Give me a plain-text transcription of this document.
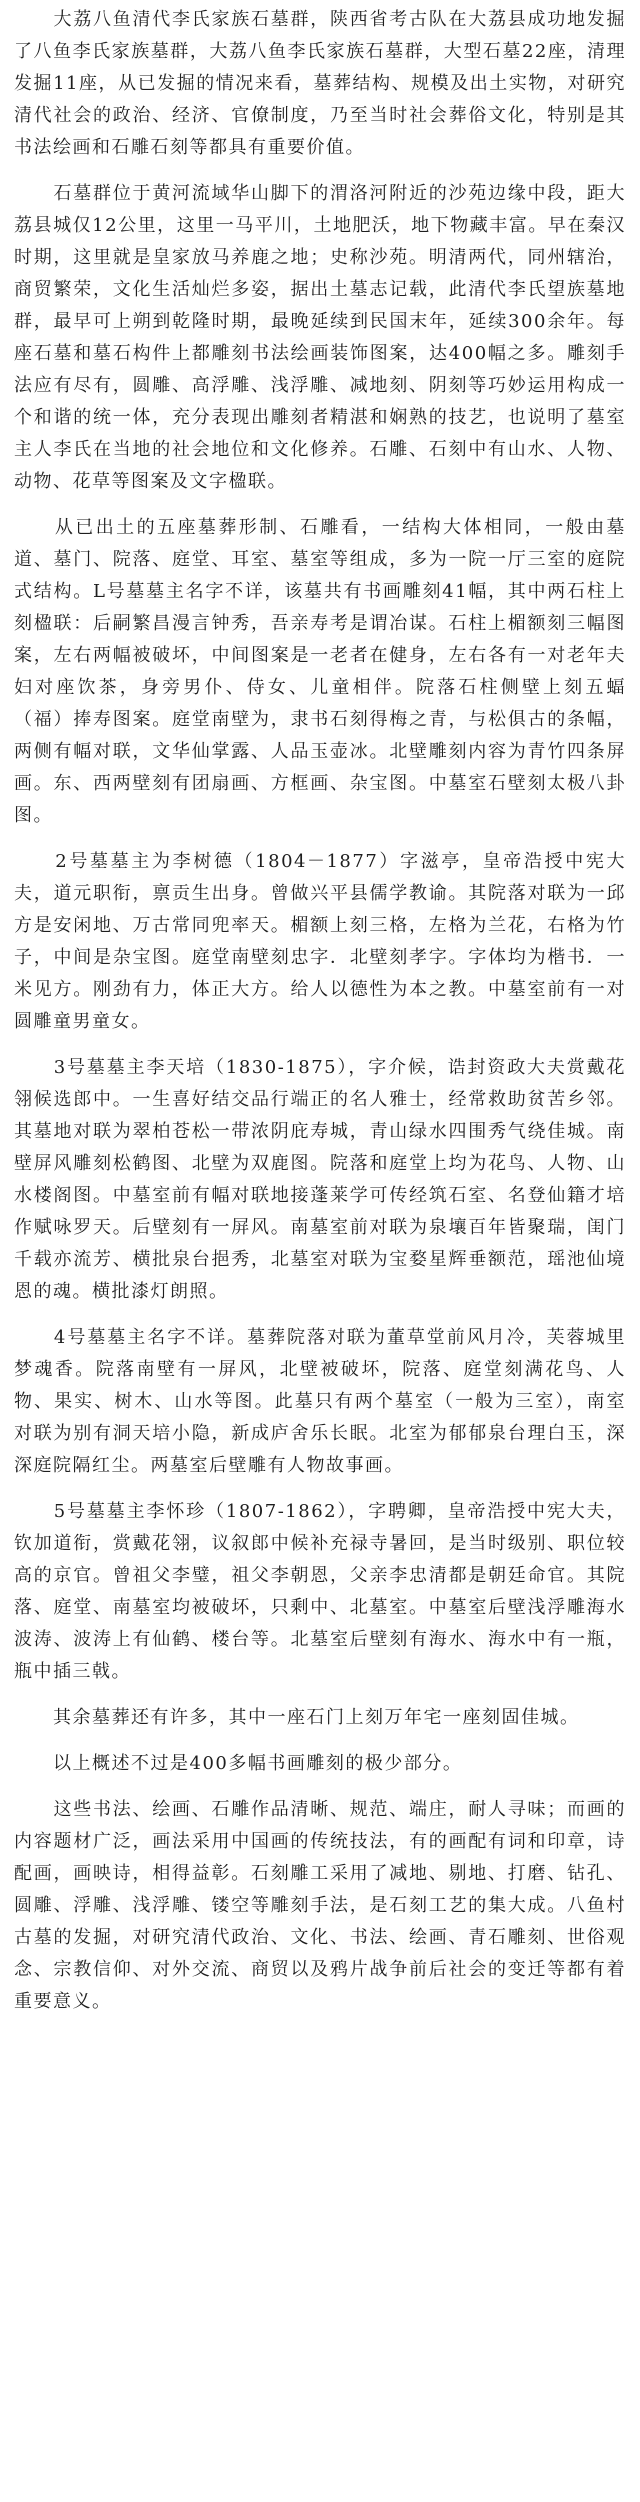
　　大荔八鱼清代李氏家族石墓群，陕西省考古队在大荔县成功地发掘了八鱼李氏家族墓群，大荔八鱼李氏家族石墓群，大型石墓22座，清理发掘11座，从已发掘的情况来看，墓葬结构、规模及出土实物，对研究清代社会的政治、经济、官僚制度，乃至当时社会葬俗文化，特别是其书法绘画和石雕石刻等都具有重要价值。

　　石墓群位于黄河流域华山脚下的渭洛河附近的沙苑边缘中段，距大荔县城仅12公里，这里一马平川，土地肥沃，地下物藏丰富。早在秦汉时期，这里就是皇家放马养鹿之地；史称沙苑。明清两代，同州辖治，商贸繁荣，文化生活灿烂多姿，据出土墓志记载，此清代李氏望族墓地群，最早可上朔到乾隆时期，最晚延续到民国末年，延续300余年。每座石墓和墓石构件上都雕刻书法绘画装饰图案，达400幅之多。雕刻手法应有尽有，圆雕、高浮雕、浅浮雕、减地刻、阴刻等巧妙运用构成一个和谐的统一体，充分表现出雕刻者精湛和娴熟的技艺，也说明了墓室主人李氏在当地的社会地位和文化修养。石雕、石刻中有山水、人物、动物、花草等图案及文字楹联。

　　从已出土的五座墓葬形制、石雕看，一结构大体相同，一般由墓道、墓门、院落、庭堂、耳室、墓室等组成，多为一院一厅三室的庭院式结构。L号墓墓主名字不详，该墓共有书画雕刻41幅，其中两石柱上刻楹联：后嗣繁昌漫言钟秀，吾亲寿考是谓冶谋。石柱上楣额刻三幅图案，左右两幅被破坏，中间图案是一老者在健身，左右各有一对老年夫妇对座饮茶，身旁男仆、侍女、儿童相伴。院落石柱侧壁上刻五蝠（福）捧寿图案。庭堂南壁为，隶书石刻得梅之青，与松俱古的条幅，两侧有幅对联，文华仙掌露、人品玉壶冰。北壁雕刻内容为青竹四条屏画。东、西两壁刻有团扇画、方框画、杂宝图。中墓室石壁刻太极八卦图。

　　2号墓墓主为李树德（1804－1877）字滋亭，皇帝浩授中宪大夫，道元职衔，禀贡生出身。曾做兴平县儒学教谕。其院落对联为一邱方是安闲地、万古常同兜率天。楣额上刻三格，左格为兰花，右格为竹子，中间是杂宝图。庭堂南壁刻忠字．北壁刻孝字。字体均为楷书．一米见方。刚劲有力，体正大方。给人以德性为本之教。中墓室前有一对圆雕童男童女。

　　3号墓墓主李天培（1830-1875），字介候，诰封资政大夫赏戴花翎候选郎中。一生喜好结交品行端正的名人雅士，经常救助贫苦乡邻。其墓地对联为翠柏苍松一带浓阴庇寿城，青山绿水四围秀气绕佳城。南壁屏风雕刻松鹤图、北壁为双鹿图。院落和庭堂上均为花鸟、人物、山水楼阁图。中墓室前有幅对联地接蓬莱学可传经筑石室、名登仙籍才培作赋咏罗天。后壁刻有一屏风。南墓室前对联为泉壤百年皆聚瑞，闺门千载亦流芳、横批泉台挹秀，北墓室对联为宝婺星辉垂额范，瑶池仙境恩的魂。横批漆灯朗照。

　　4号墓墓主名字不详。墓葬院落对联为董草堂前风月冷，芙蓉城里梦魂香。院落南壁有一屏风，北壁被破坏，院落、庭堂刻满花鸟、人物、果实、树木、山水等图。此墓只有两个墓室（一般为三室），南室对联为别有洞天培小隐，新成庐舍乐长眠。北室为郁郁泉台理白玉，深深庭院隔红尘。两墓室后壁雕有人物故事画。

　　5号墓墓主李怀珍（1807-1862），字聘卿，皇帝浩授中宪大夫，钦加道衔，赏戴花翎，议叙郎中候补充禄寺暑回，是当时级别、职位较高的京官。曾祖父李璧，祖父李朝恩，父亲李忠清都是朝廷命官。其院落、庭堂、南墓室均被破坏，只剩中、北墓室。中墓室后壁浅浮雕海水波涛、波涛上有仙鹤、楼台等。北墓室后壁刻有海水、海水中有一瓶，瓶中插三戟。

　　其余墓葬还有许多，其中一座石门上刻万年宅一座刻固佳城。

　　以上概述不过是400多幅书画雕刻的极少部分。

　　这些书法、绘画、石雕作品清晰、规范、端庄，耐人寻味；而画的内容题材广泛，画法采用中国画的传统技法，有的画配有词和印章，诗配画，画映诗，相得益彰。石刻雕工采用了减地、剔地、打磨、钻孔、圆雕、浮雕、浅浮雕、镂空等雕刻手法，是石刻工艺的集大成。八鱼村古墓的发掘，对研究清代政治、文化、书法、绘画、青石雕刻、世俗观念、宗教信仰、对外交流、商贸以及鸦片战争前后社会的变迁等都有着重要意义。
